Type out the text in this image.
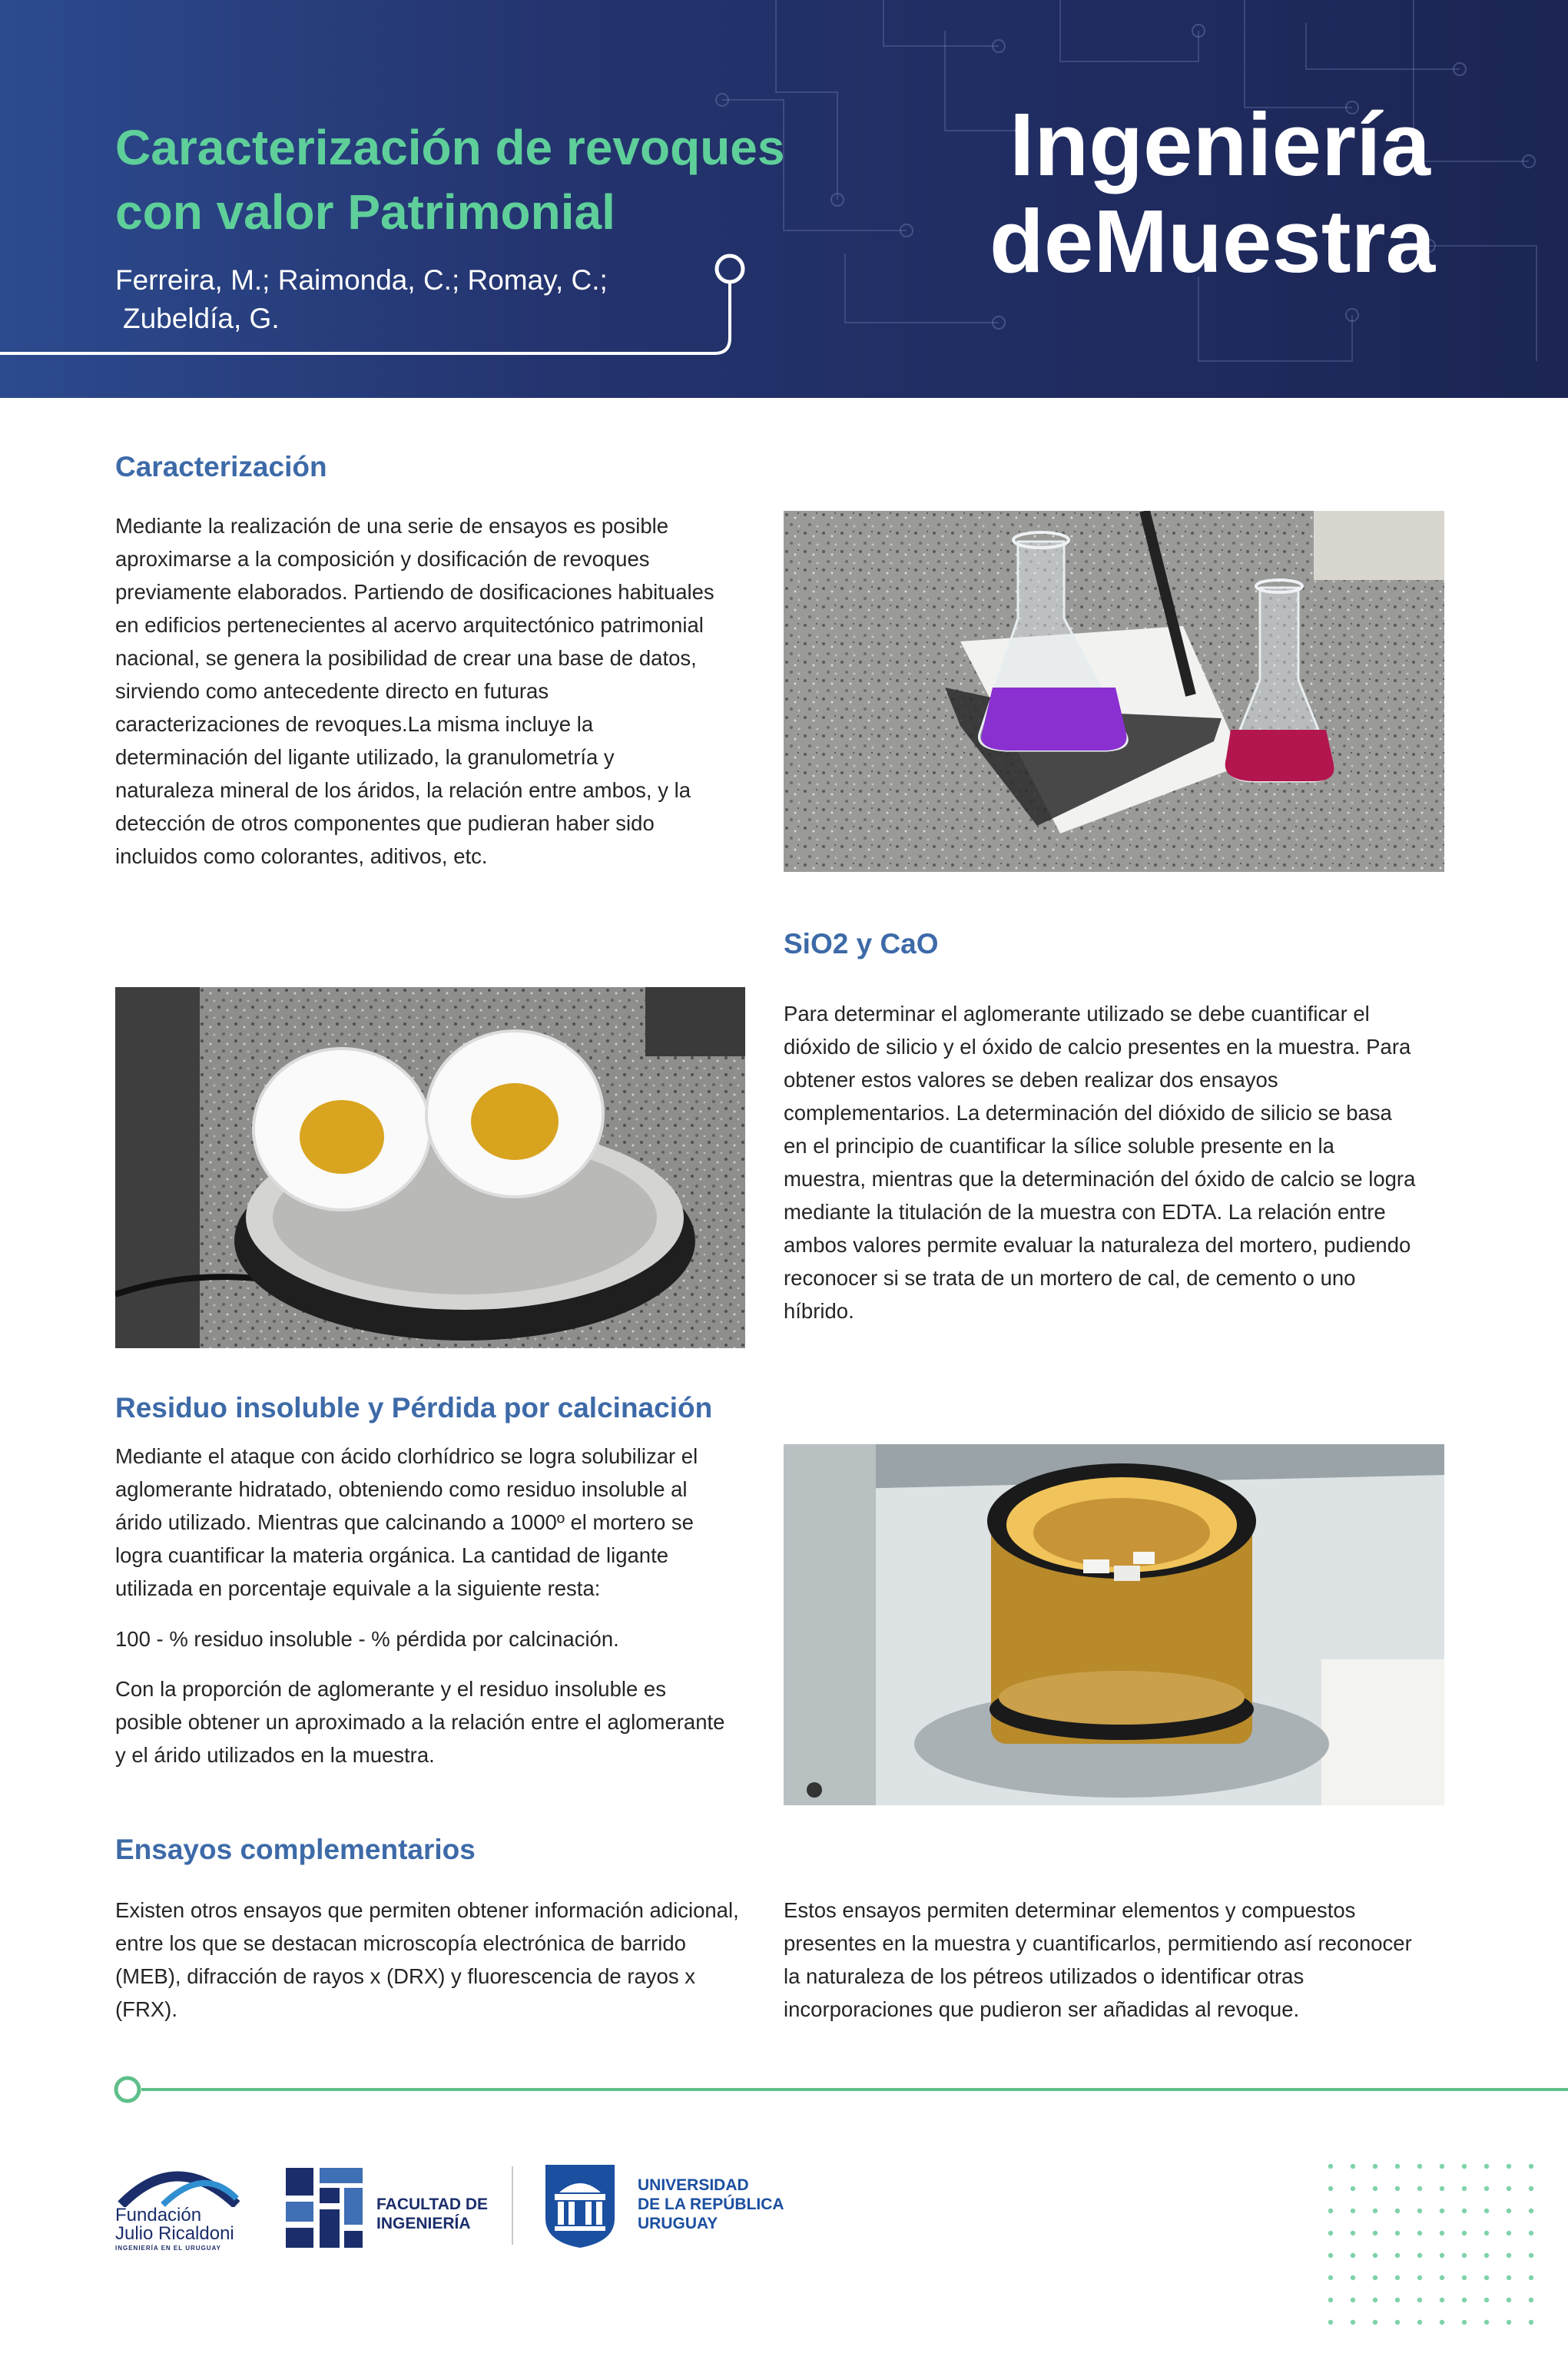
Caracterización de revoques
con valor Patrimonial
Ferreira, M.; Raimonda, C.; Romay, C.;
Zubeldía, G.
Ingeniería
deMuestra
Caracterización

Mediante la realización de una serie de ensayos es posible aproximarse a la composición y dosificación de revoques previamente elaborados. Partiendo de dosificaciones habituales en edificios pertenecientes al acervo arquitectónico patrimonial nacional, se genera la posibilidad de crear una base de datos, sirviendo como antecedente directo en futuras caracterizaciones de revoques.La misma incluye la determinación del ligante utilizado, la granulometría y naturaleza mineral de los áridos, la relación entre ambos, y la detección de otros componentes que pudieran haber sido incluidos como colorantes, aditivos, etc.

SiO2 y CaO

Para determinar el aglomerante utilizado se debe cuantificar el dióxido de silicio y el óxido de calcio presentes en la muestra. Para obtener estos valores se deben realizar dos ensayos complementarios. La determinación del dióxido de silicio se basa en el principio de cuantificar la sílice soluble presente en la muestra, mientras que la determinación del óxido de calcio se logra mediante la titulación de la muestra con EDTA. La relación entre ambos valores permite evaluar la naturaleza del mortero, pudiendo reconocer si se trata de un mortero de cal, de cemento o uno híbrido.

Residuo insoluble y Pérdida por calcinación

Mediante el ataque con ácido clorhídrico se logra solubilizar el aglomerante hidratado, obteniendo como residuo insoluble al árido utilizado. Mientras que calcinando a 1000º el mortero se logra cuantificar la materia orgánica. La cantidad de ligante utilizada en porcentaje equivale a la siguiente resta:

100 - % residuo insoluble - % pérdida por calcinación.

Con la proporción de aglomerante y el residuo insoluble es posible obtener un aproximado a la relación entre el aglomerante y el árido utilizados en la muestra.

Ensayos complementarios

Existen otros ensayos que permiten obtener información adicional, entre los que se destacan microscopía electrónica de barrido (MEB), difracción de rayos x (DRX) y fluorescencia de rayos x (FRX).

Estos ensayos permiten determinar elementos y compuestos presentes en la muestra y cuantificarlos, permitiendo así reconocer la naturaleza de los pétreos utilizados o identificar otras incorporaciones que pudieron ser añadidas al revoque.

Fundación
Julio Ricaldoni
INGENIERÍA EN EL URUGUAY
FACULTAD DE
INGENIERÍA
UNIVERSIDAD
DE LA REPÚBLICA
URUGUAY
